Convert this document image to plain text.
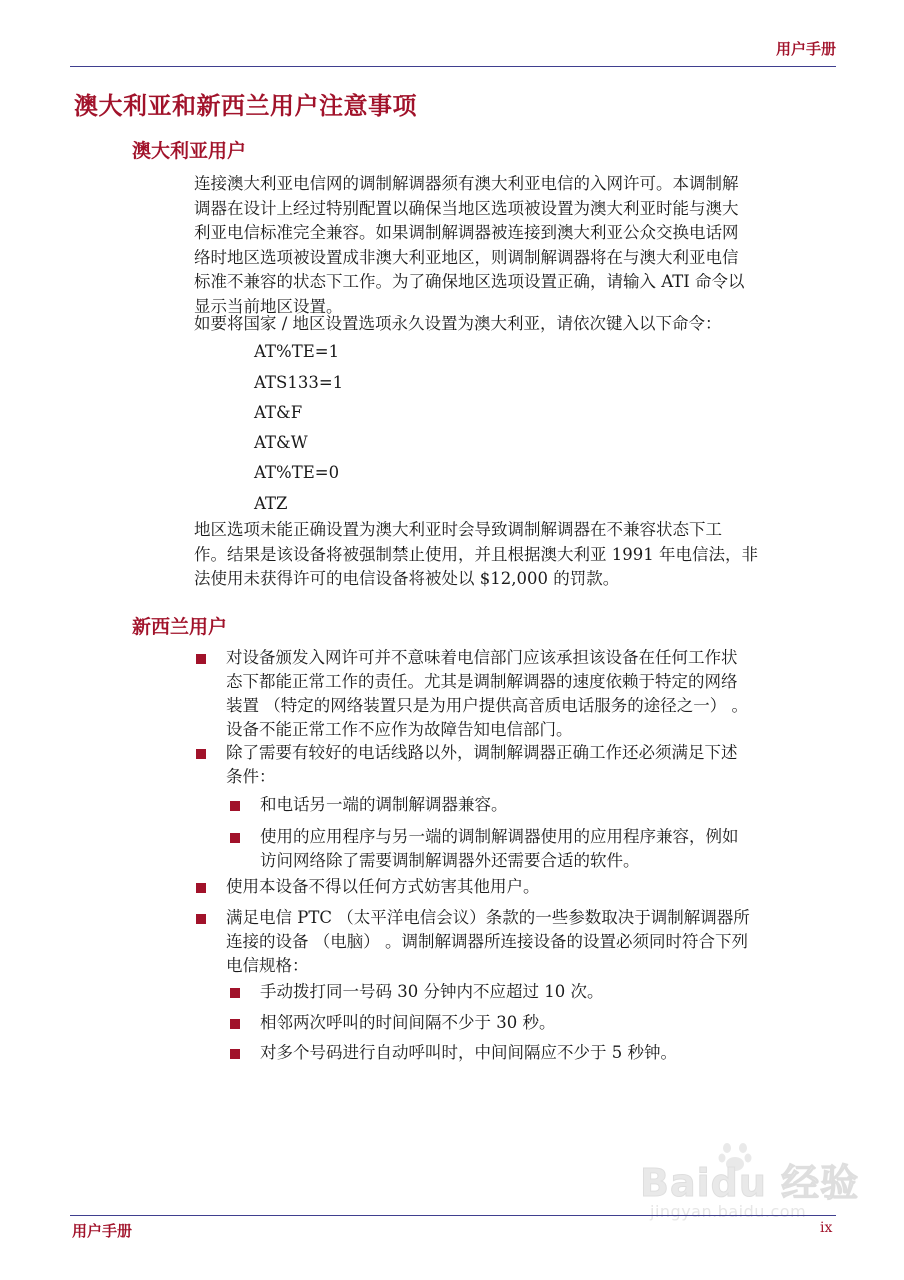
用户手册
澳大利亚和新西兰用户注意事项
澳大利亚用户
连接澳大利亚电信网的调制解调器须有澳大利亚电信的入网许可。本调制解
调器在设计上经过特别配置以确保当地区选项被设置为澳大利亚时能与澳大
利亚电信标准完全兼容。如果调制解调器被连接到澳大利亚公众交换电话网
络时地区选项被设置成非澳大利亚地区，则调制解调器将在与澳大利亚电信
标准不兼容的状态下工作。为了确保地区选项设置正确，请输入 ATI 命令以
显示当前地区设置。
如要将国家 / 地区设置选项永久设置为澳大利亚，请依次键入以下命令：
AT%TE=1
ATS133=1
AT&F
AT&W
AT%TE=0
ATZ
地区选项未能正确设置为澳大利亚时会导致调制解调器在不兼容状态下工
作。结果是该设备将被强制禁止使用，并且根据澳大利亚 1991 年电信法，非
法使用未获得许可的电信设备将被处以 $12,000 的罚款。
新西兰用户
对设备颁发入网许可并不意味着电信部门应该承担该设备在任何工作状
态下都能正常工作的责任。尤其是调制解调器的速度依赖于特定的网络
装置 （特定的网络装置只是为用户提供高音质电话服务的途径之一） 。
设备不能正常工作不应作为故障告知电信部门。
除了需要有较好的电话线路以外，调制解调器正确工作还必须满足下述
条件：
和电话另一端的调制解调器兼容。
使用的应用程序与另一端的调制解调器使用的应用程序兼容，例如
访问网络除了需要调制解调器外还需要合适的软件。
使用本设备不得以任何方式妨害其他用户。
满足电信 PTC （太平洋电信会议）条款的一些参数取决于调制解调器所
连接的设备 （电脑） 。调制解调器所连接设备的设置必须同时符合下列
电信规格：
手动拨打同一号码 30 分钟内不应超过 10 次。
相邻两次呼叫的时间间隔不少于 30 秒。
对多个号码进行自动呼叫时，中间间隔应不少于 5 秒钟。
Baidu 经验
jingyan.baidu.com
用户手册	ix
